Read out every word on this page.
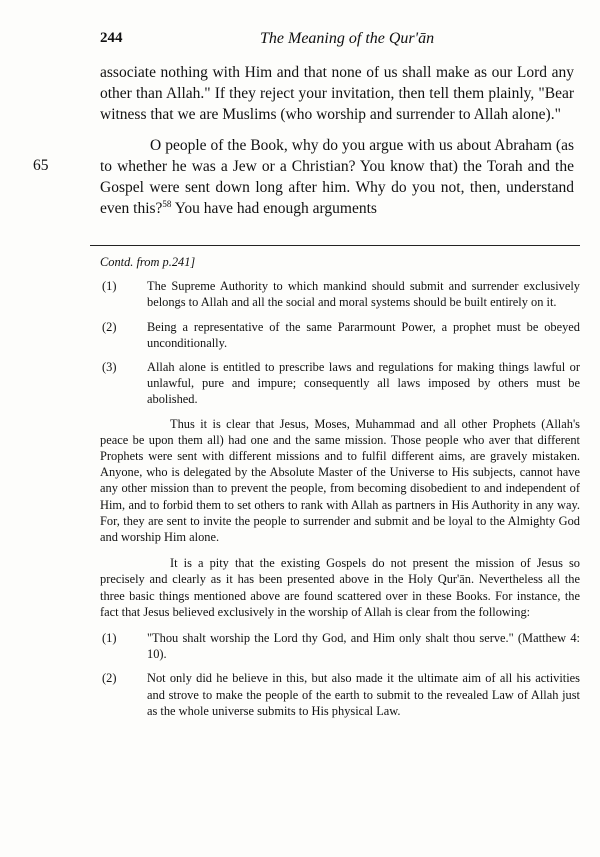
244	The Meaning of the Qur'ān
65

associate nothing with Him and that none of us shall make as our Lord any other than Allah." If they reject your invitation, then tell them plainly, "Bear witness that we are Muslims (who worship and surrender to Allah alone)."

O people of the Book, why do you argue with us about Abraham (as to whether he was a Jew or a Christian? You know that) the Torah and the Gospel were sent down long after him. Why do you not, then, understand even this?$^{58}$ You have had enough arguments

Contd. from p.241]
(1)	The Supreme Authority to which mankind should submit and surrender exclusively belongs to Allah and all the social and moral systems should be built entirely on it.
(2)	Being a representative of the same Pararmount Power, a prophet must be obeyed unconditionally.
(3)	Allah alone is entitled to prescribe laws and regulations for making things lawful or unlawful, pure and impure; consequently all laws imposed by others must be abolished.

Thus it is clear that Jesus, Moses, Muhammad and all other Prophets (Allah's peace be upon them all) had one and the same mission. Those people who aver that different Prophets were sent with different missions and to fulfil different aims, are gravely mistaken. Anyone, who is delegated by the Absolute Master of the Universe to His subjects, cannot have any other mission than to prevent the people, from becoming disobedient to and independent of Him, and to forbid them to set others to rank with Allah as partners in His Authority in any way. For, they are sent to invite the people to surrender and submit and be loyal to the Almighty God and worship Him alone.

It is a pity that the existing Gospels do not present the mission of Jesus so precisely and clearly as it has been presented above in the Holy Qur'ān. Nevertheless all the three basic things mentioned above are found scattered over in these Books. For instance, the fact that Jesus believed exclusively in the worship of Allah is clear from the following:

(1)	"Thou shalt worship the Lord thy God, and Him only shalt thou serve." (Matthew 4: 10).
(2)	Not only did he believe in this, but also made it the ultimate aim of all his activities and strove to make the people of the earth to submit to the revealed Law of Allah just as the whole universe submits to His physical Law.
